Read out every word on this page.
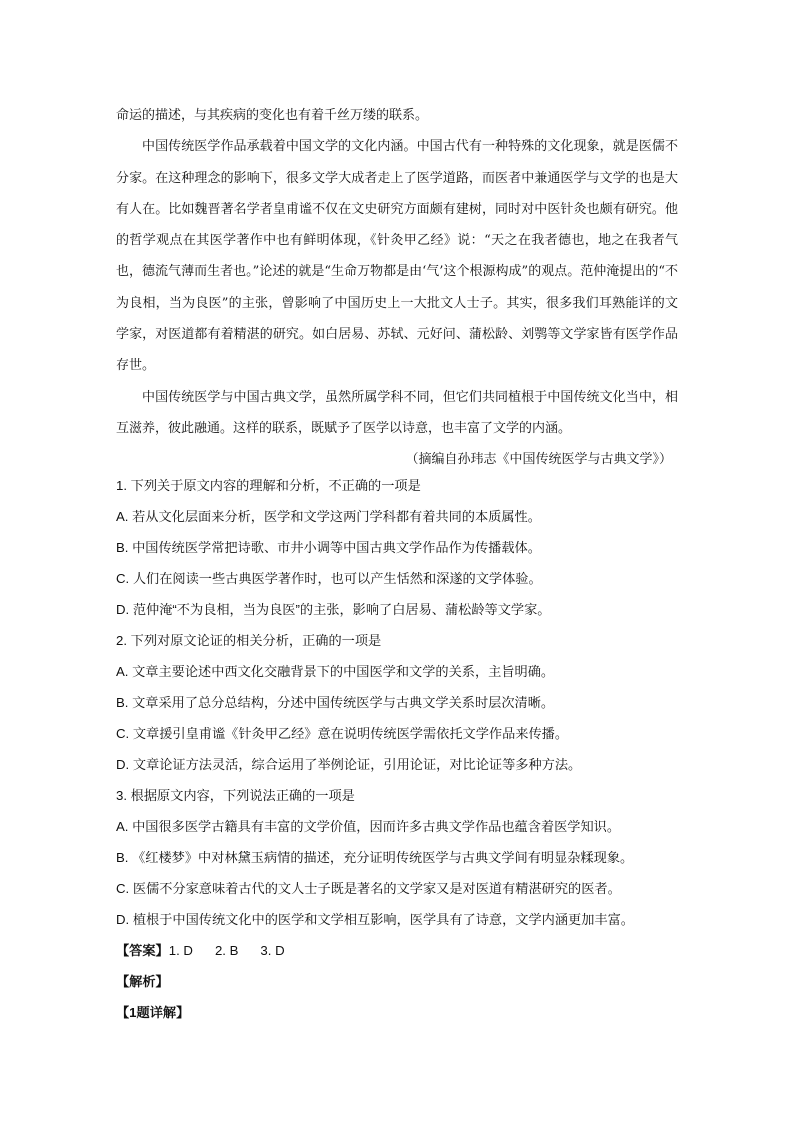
命运的描述，与其疾病的变化也有着千丝万缕的联系。

中国传统医学作品承载着中国文学的文化内涵。中国古代有一种特殊的文化现象，就是医儒不分家。在这种理念的影响下，很多文学大成者走上了医学道路，而医者中兼通医学与文学的也是大有人在。比如魏晋著名学者皇甫谧不仅在文史研究方面颇有建树，同时对中医针灸也颇有研究。他的哲学观点在其医学著作中也有鲜明体现，《针灸甲乙经》说：“天之在我者德也，地之在我者气也，德流气薄而生者也。”论述的就是“生命万物都是由‘气’这个根源构成”的观点。范仲淹提出的“不为良相，当为良医”的主张，曾影响了中国历史上一大批文人士子。其实，很多我们耳熟能详的文学家，对医道都有着精湛的研究。如白居易、苏轼、元好问、蒲松龄、刘鹗等文学家皆有医学作品存世。

中国传统医学与中国古典文学，虽然所属学科不同，但它们共同植根于中国传统文化当中，相互滋养，彼此融通。这样的联系，既赋予了医学以诗意，也丰富了文学的内涵。

（摘编自孙玮志《中国传统医学与古典文学》）

1. 下列关于原文内容的理解和分析，不正确的一项是
A. 若从文化层面来分析，医学和文学这两门学科都有着共同的本质属性。
B. 中国传统医学常把诗歌、市井小调等中国古典文学作品作为传播载体。
C. 人们在阅读一些古典医学著作时，也可以产生恬然和深遂的文学体验。
D. 范仲淹“不为良相，当为良医”的主张，影响了白居易、蒲松龄等文学家。
2. 下列对原文论证的相关分析，正确的一项是
A. 文章主要论述中西文化交融背景下的中国医学和文学的关系，主旨明确。
B. 文章采用了总分总结构，分述中国传统医学与古典文学关系时层次清晰。
C. 文章援引皇甫谧《针灸甲乙经》意在说明传统医学需依托文学作品来传播。
D. 文章论证方法灵活，综合运用了举例论证，引用论证，对比论证等多种方法。
3. 根据原文内容，下列说法正确的一项是
A. 中国很多医学古籍具有丰富的文学价值，因而许多古典文学作品也蕴含着医学知识。
B. 《红楼梦》中对林黛玉病情的描述，充分证明传统医学与古典文学间有明显杂糅现象。
C. 医儒不分家意味着古代的文人士子既是著名的文学家又是对医道有精湛研究的医者。
D. 植根于中国传统文化中的医学和文学相互影响，医学具有了诗意，文学内涵更加丰富。
【答案】1. D 2. B 3. D
【解析】
【1题详解】
